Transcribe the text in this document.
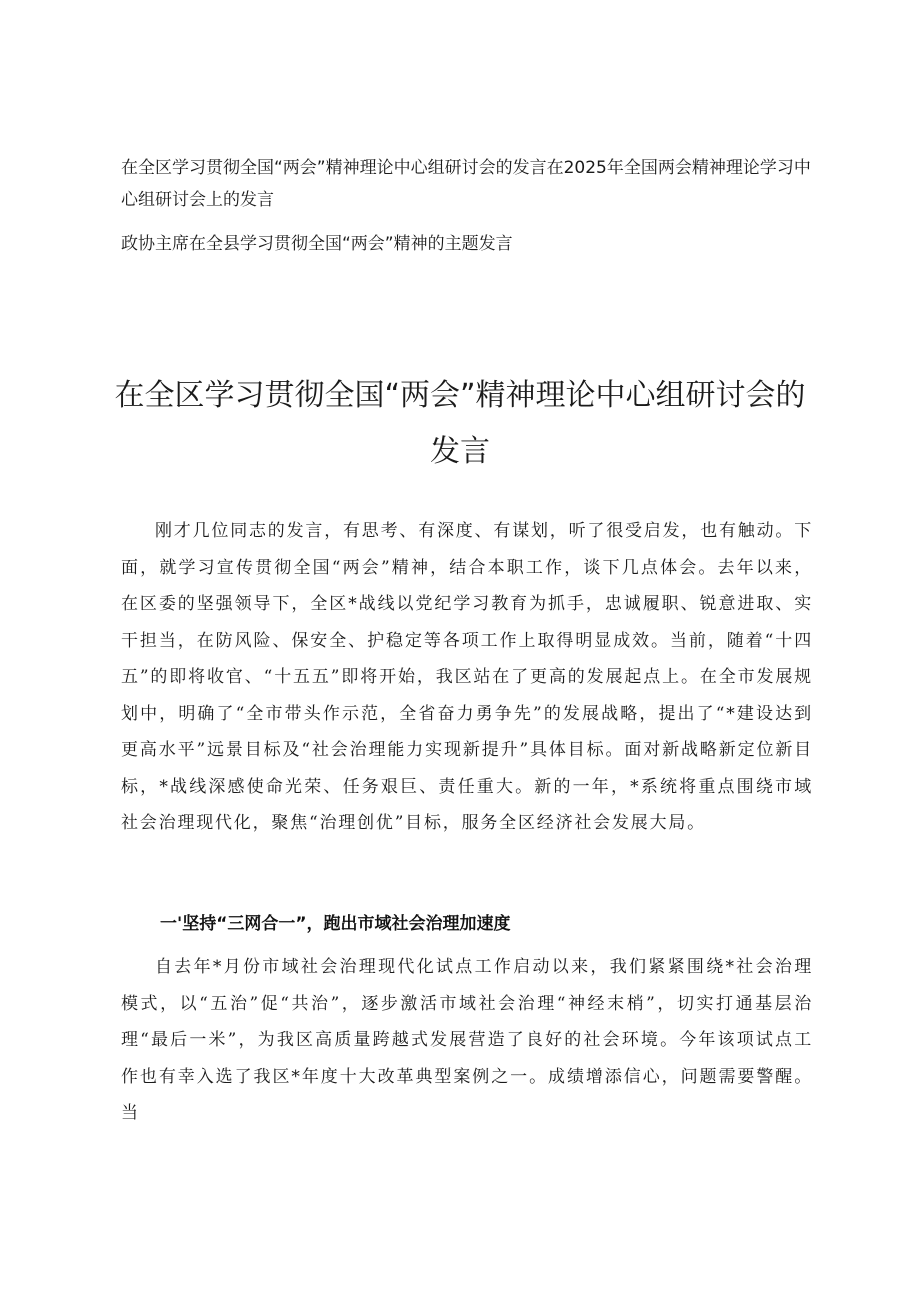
在全区学习贯彻全国“两会”精神理论中心组研讨会的发言在2025年全国两会精神理论学习中心组研讨会上的发言

政协主席在全县学习贯彻全国“两会”精神的主题发言

在全区学习贯彻全国“两会”精神理论中心组研讨会的发言

刚才几位同志的发言，有思考、有深度、有谋划，听了很受启发，也有触动。下面，就学习宣传贯彻全国“两会”精神，结合本职工作，谈下几点体会。去年以来，在区委的坚强领导下，全区*战线以党纪学习教育为抓手，忠诚履职、锐意进取、实干担当，在防风险、保安全、护稳定等各项工作上取得明显成效。当前，随着“十四五”的即将收官、“十五五”即将开始，我区站在了更高的发展起点上。在全市发展规划中，明确了“全市带头作示范，全省奋力勇争先”的发展战略，提出了“*建设达到更高水平”远景目标及“社会治理能力实现新提升”具体目标。面对新战略新定位新目标，*战线深感使命光荣、任务艰巨、责任重大。新的一年，*系统将重点围绕市域社会治理现代化，聚焦“治理创优”目标，服务全区经济社会发展大局。

一'坚持“三网合一”，跑出市域社会治理加速度

自去年*月份市域社会治理现代化试点工作启动以来，我们紧紧围绕*社会治理模式，以“五治”促“共治”，逐步激活市域社会治理“神经末梢”，切实打通基层治理“最后一米”，为我区高质量跨越式发展营造了良好的社会环境。今年该项试点工作也有幸入选了我区*年度十大改革典型案例之一。成绩增添信心，问题需要警醒。当
